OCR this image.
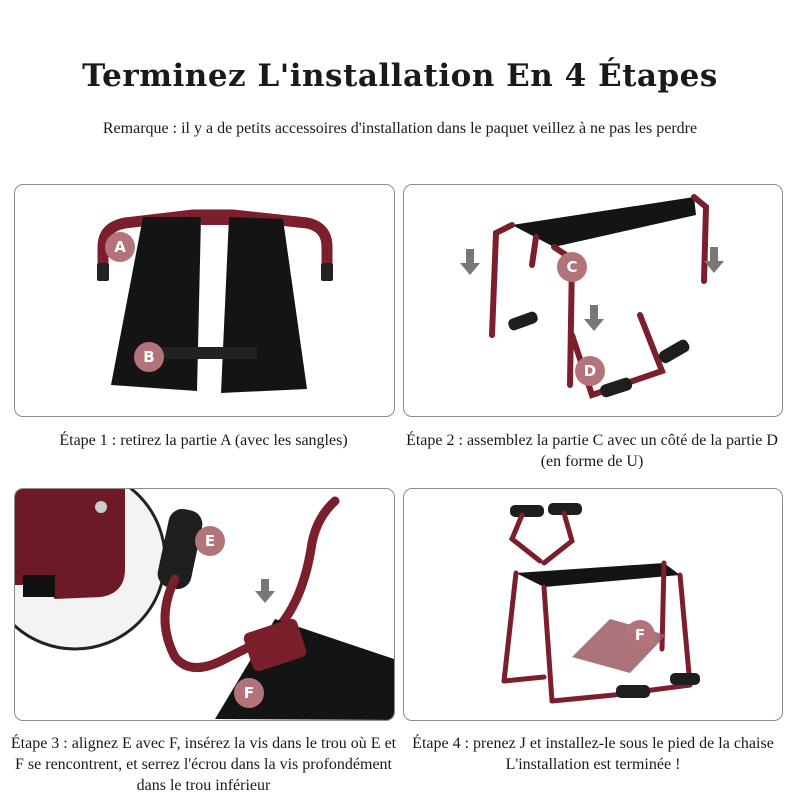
Terminez L'installation En 4 Étapes
Remarque : il y a de petits accessoires d'installation dans le paquet veillez à ne pas les perdre
A
B
Étape 1 : retirez la partie A (avec les sangles)
C
D
Étape 2 : assemblez la partie C avec un côté de la partie D (en forme de U)
E
F
Étape 3 : alignez E avec F, insérez la vis dans le trou où E et F se rencontrent, et serrez l'écrou dans la vis profondément dans le trou inférieur
F
Étape 4 : prenez J et installez-le sous le pied de la chaise L'installation est terminée !
